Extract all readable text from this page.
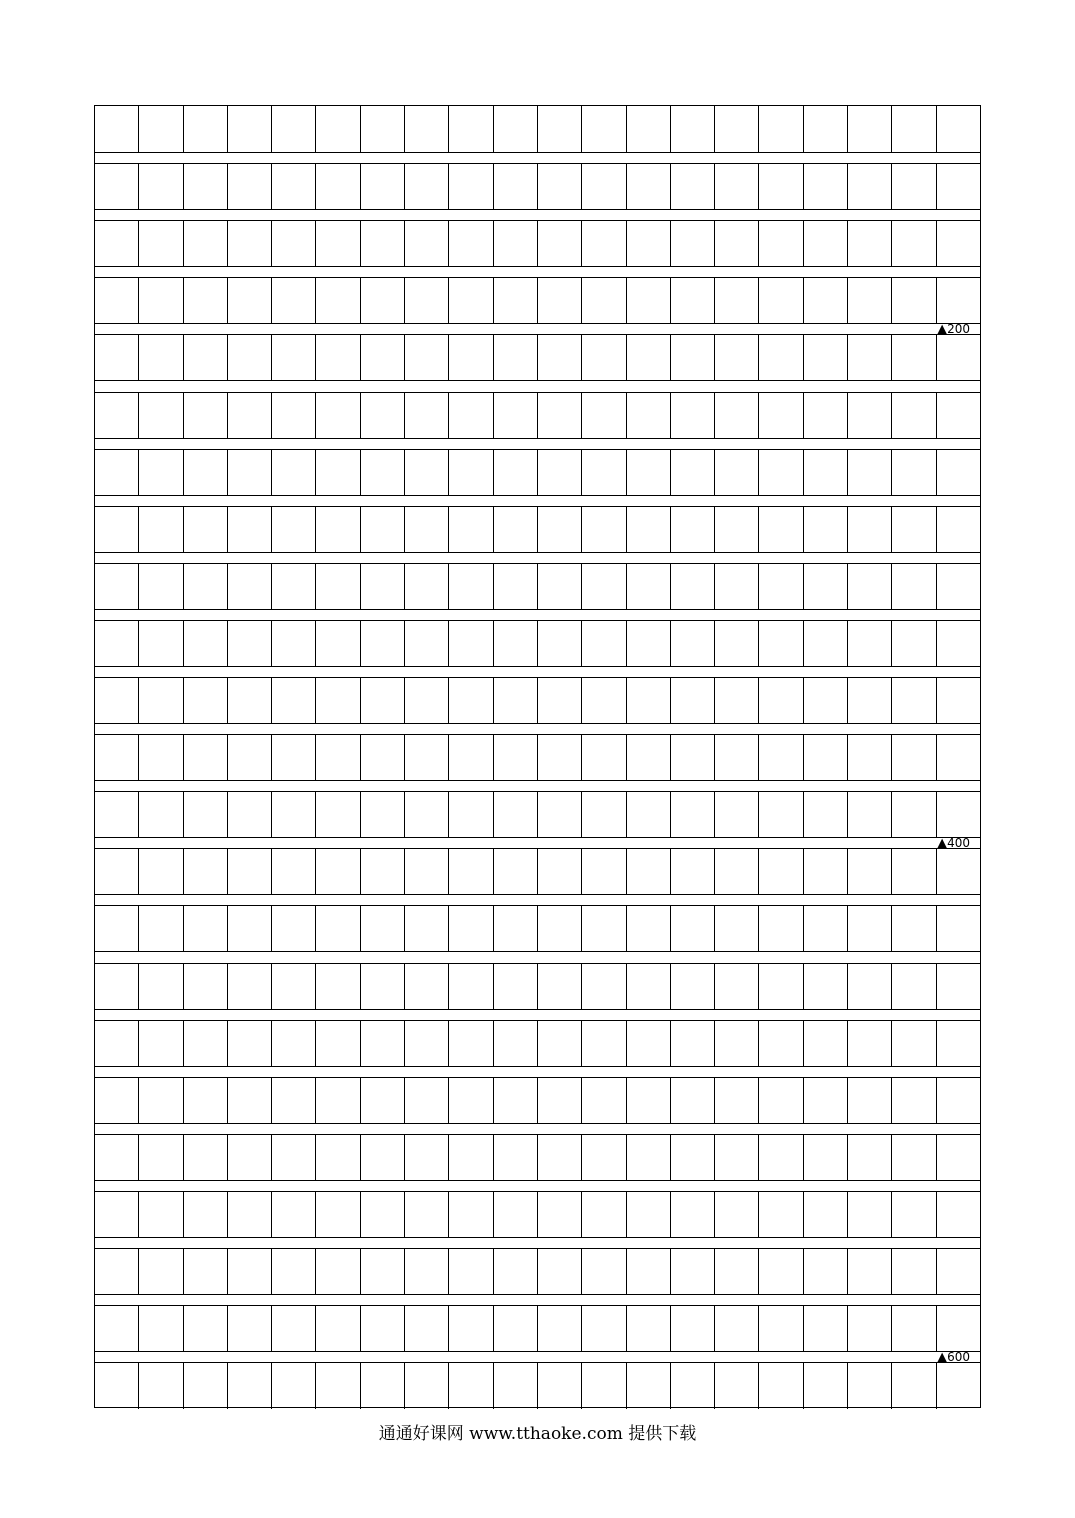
▲200
▲400
▲600
通通好课网 www.tthaoke.com 提供下载
